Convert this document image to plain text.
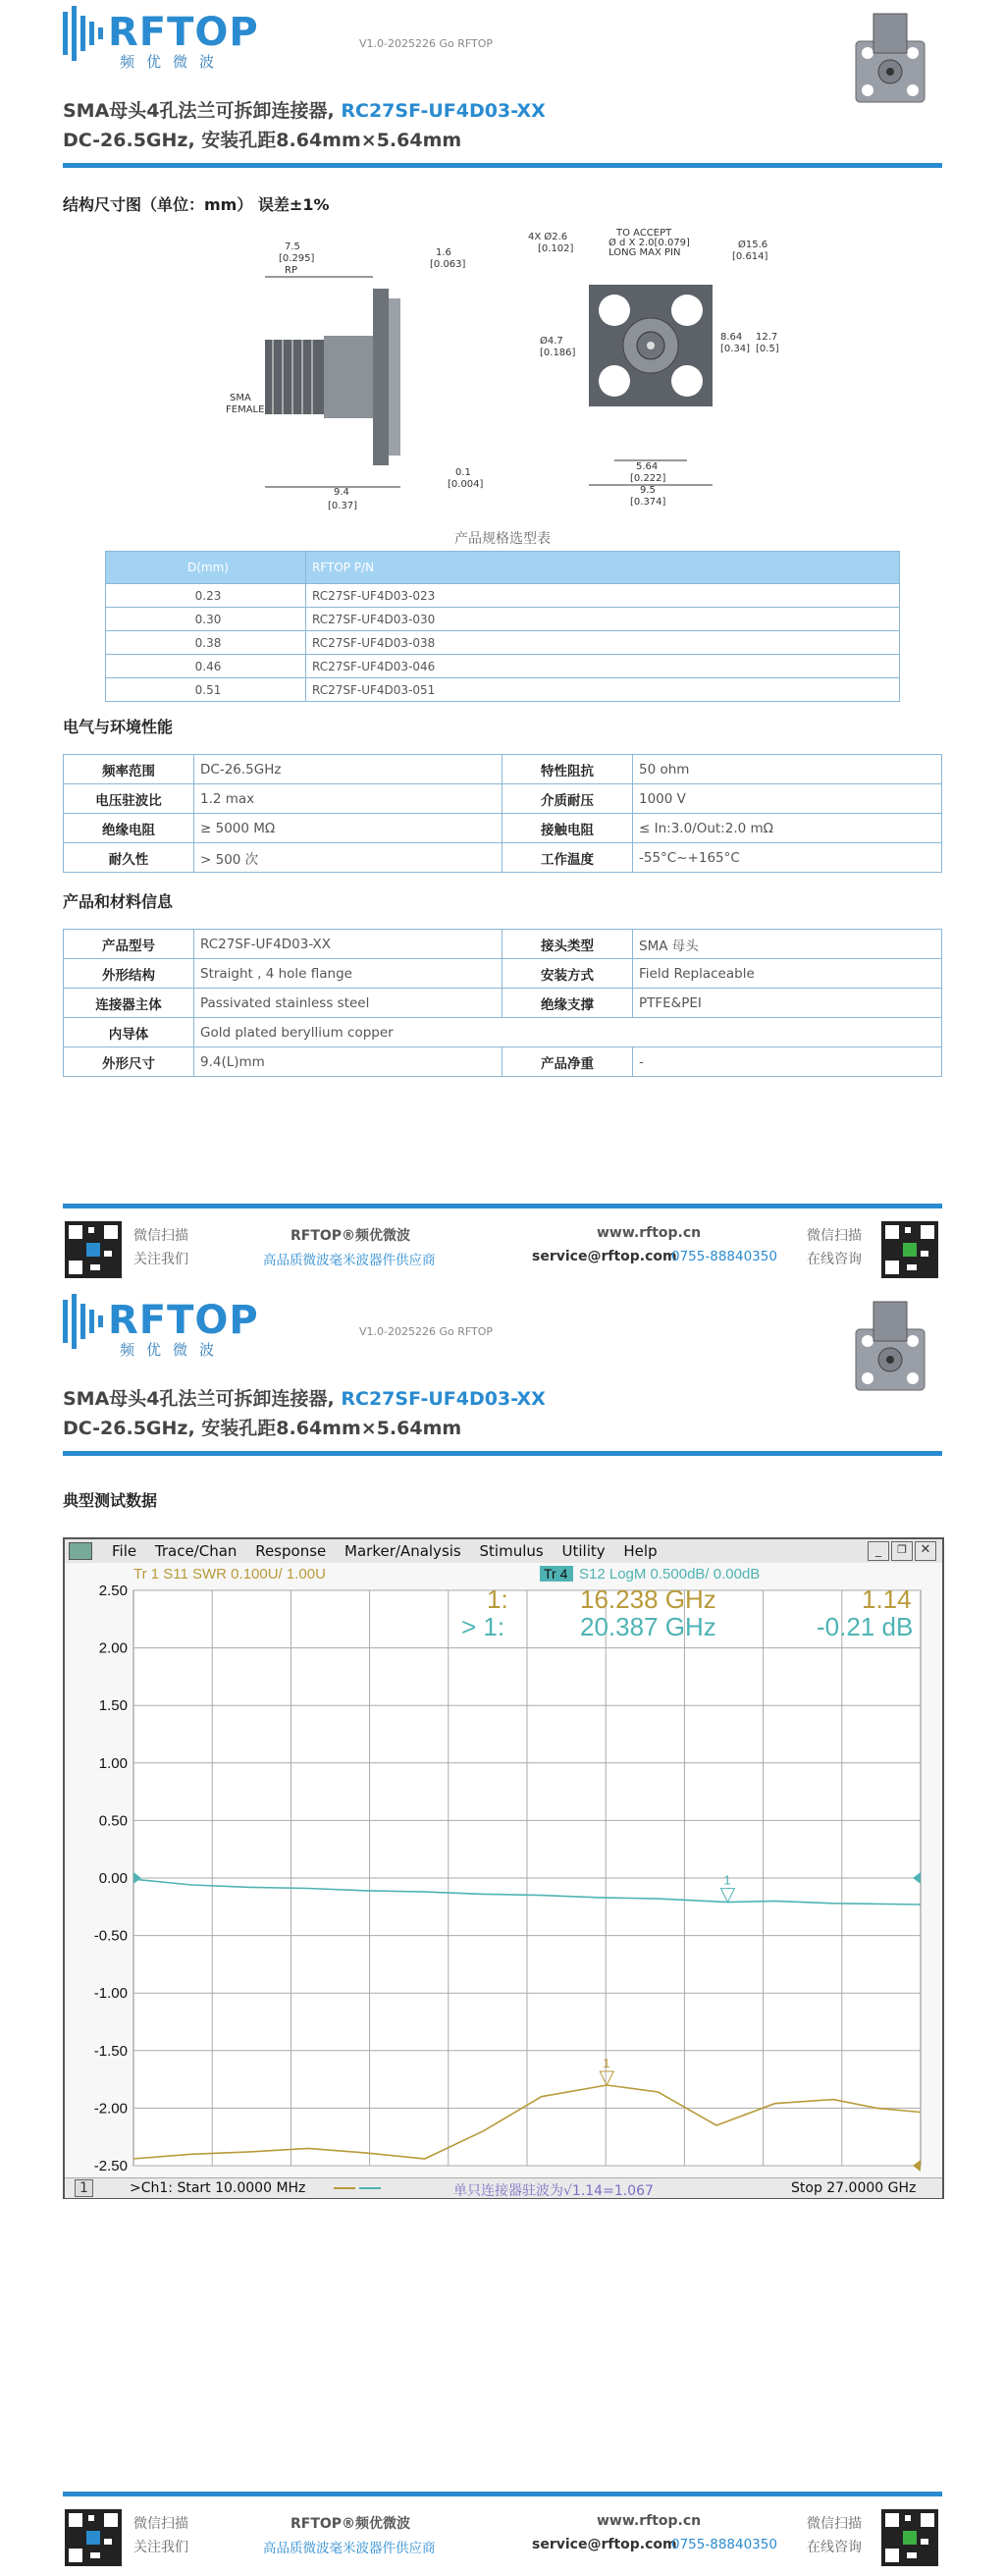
RFTOP
频优微波
V1.0-2025226 Go RFTOP
SMA母头4孔法兰可拆卸连接器, RC27SF-UF4D03-XX
DC-26.5GHz, 安装孔距8.64mm×5.64mm
结构尺寸图（单位：mm） 误差±1%
7.5
[0.295]
RP
1.6
[0.063]
SMA
FEMALE
9.4
[0.37]
0.1
[0.004]
4X Ø2.6
[0.102]
TO ACCEPT
Ø d X 2.0[0.079]
LONG MAX PIN
Ø15.6
[0.614]
Ø4.7
[0.186]
8.64
[0.34]
12.7
[0.5]
5.64
[0.222]
9.5
[0.374]
产品规格选型表
D(mm)	RFTOP P/N
0.23	RC27SF-UF4D03-023
0.30	RC27SF-UF4D03-030
0.38	RC27SF-UF4D03-038
0.46	RC27SF-UF4D03-046
0.51	RC27SF-UF4D03-051
电气与环境性能
频率范围	DC-26.5GHz	特性阻抗	50 ohm
电压驻波比	1.2 max	介质耐压	1000 V
绝缘电阻	≥ 5000 MΩ	接触电阻	≤ In:3.0/Out:2.0 mΩ
耐久性	> 500 次	工作温度	-55°C~+165°C
产品和材料信息
产品型号	RC27SF-UF4D03-XX	接头类型	SMA 母头
外形结构	Straight , 4 hole flange	安装方式	Field Replaceable
连接器主体	Passivated stainless steel	绝缘支撑	PTFE&PEI
内导体	Gold plated beryllium copper		
外形尺寸	9.4(L)mm	产品净重	-
微信扫描
关注我们
RFTOP®频优微波
高品质微波毫米波器件供应商
www.rftop.cn
service@rftop.com
0755-88840350
微信扫描
在线咨询
RFTOP
频优微波
V1.0-2025226 Go RFTOP
SMA母头4孔法兰可拆卸连接器, RC27SF-UF4D03-XX
DC-26.5GHz, 安装孔距8.64mm×5.64mm
典型测试数据
File Trace/Chan Response Marker/Analysis Stimulus Utility Help	_	❐	✕
2.50
2.00
1.50
1.00
0.50
0.00
-0.50
-1.00
-1.50
-2.00
-2.50
1
1
Tr 1 S11 SWR 0.100U/ 1.00U	Tr 4 S12 LogM 0.500dB/ 0.00dB
1:	16.238 GHz	1.14
> 1:	20.387 GHz	-0.21 dB
1	>Ch1: Start 10.0000 MHz	单只连接器驻波为√1.14=1.067	Stop 27.0000 GHz
微信扫描
关注我们
RFTOP®频优微波
高品质微波毫米波器件供应商
www.rftop.cn
service@rftop.com
0755-88840350
微信扫描
在线咨询
